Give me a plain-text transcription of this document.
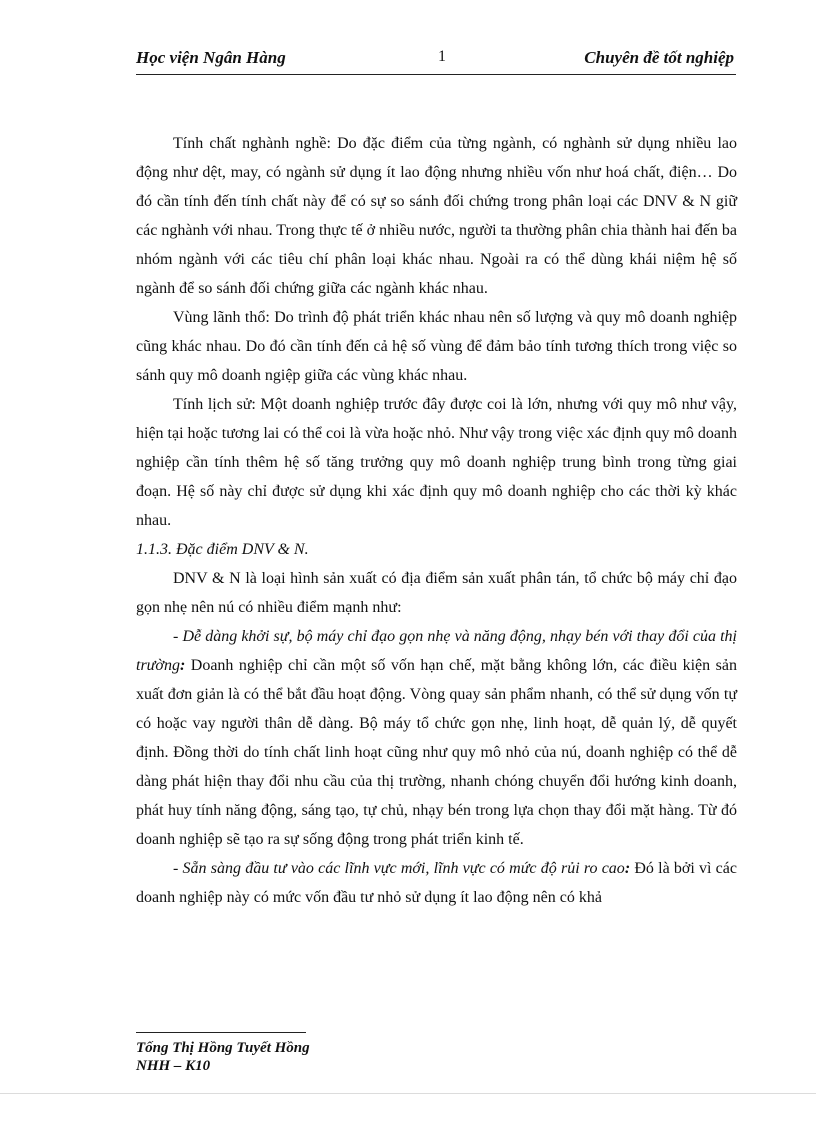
Học viện Ngân Hàng	1	Chuyên đề tốt nghiệp

Tính chất nghành nghề: Do đặc điểm của từng ngành, có nghành sử dụng nhiều lao động như dệt, may, có ngành sử dụng ít lao động nhưng nhiều vốn như hoá chất, điện… Do đó cần tính đến tính chất này để có sự so sánh đối chứng trong phân loại các DNV & N giữ các nghành với nhau. Trong thực tế ở nhiều nước, người ta thường phân chia thành hai đến ba nhóm ngành với các tiêu chí phân loại khác nhau. Ngoài ra có thể dùng khái niệm hệ số ngành để so sánh đối chứng giữa các ngành khác nhau.

Vùng lãnh thổ: Do trình độ phát triển khác nhau nên số lượng và quy mô doanh nghiệp cũng khác nhau. Do đó cần tính đến cả hệ số vùng để đảm bảo tính tương thích trong việc so sánh quy mô doanh ngiệp giữa các vùng khác nhau.

Tính lịch sử: Một doanh nghiệp trước đây được coi là lớn, nhưng với quy mô như vậy, hiện tại hoặc tương lai có thể coi là vừa hoặc nhỏ. Như vậy trong việc xác định quy mô doanh nghiệp cần tính thêm hệ số tăng trưởng quy mô doanh nghiệp trung bình trong từng giai đoạn. Hệ số này chỉ được sử dụng khi xác định quy mô doanh nghiệp cho các thời kỳ khác nhau.

1.1.3. Đặc điểm DNV & N.

DNV & N là loại hình sản xuất có địa điểm sản xuất phân tán, tổ chức bộ máy chỉ đạo gọn nhẹ nên nú có nhiều điểm mạnh như:

- Dễ dàng khởi sự, bộ máy chỉ đạo gọn nhẹ và năng động, nhạy bén với thay đổi của thị trường: Doanh nghiệp chỉ cần một số vốn hạn chế, mặt bằng không lớn, các điều kiện sản xuất đơn giản là có thể bắt đầu hoạt động. Vòng quay sản phẩm nhanh, có thể sử dụng vốn tự có hoặc vay người thân dễ dàng. Bộ máy tổ chức gọn nhẹ, linh hoạt, dễ quản lý, dễ quyết định. Đồng thời do tính chất linh hoạt cũng như quy mô nhỏ của nú, doanh nghiệp có thể dễ dàng phát hiện thay đổi nhu cầu của thị trường, nhanh chóng chuyển đổi hướng kinh doanh, phát huy tính năng động, sáng tạo, tự chủ, nhạy bén trong lựa chọn thay đổi mặt hàng. Từ đó doanh nghiệp sẽ tạo ra sự sống động trong phát triển kinh tế.

- Sẵn sàng đầu tư vào các lĩnh vực mới, lĩnh vực có mức độ rủi ro cao: Đó là bởi vì các doanh nghiệp này có mức vốn đầu tư nhỏ sử dụng ít lao động nên có khả

Tống Thị Hồng Tuyết Hồng
NHH – K10
